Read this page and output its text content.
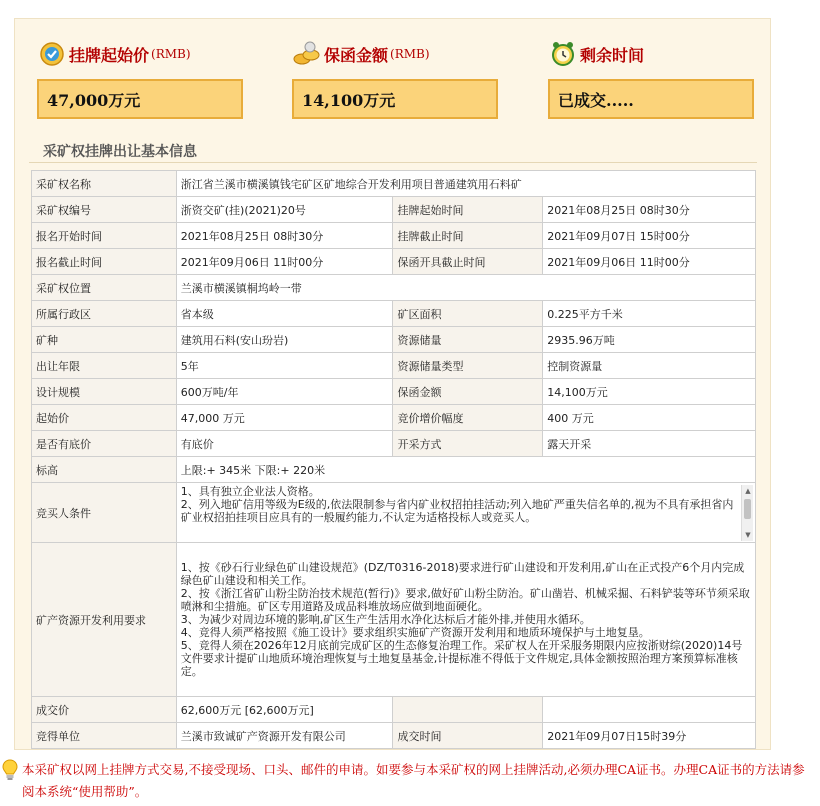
挂牌起始价 (RMB)
47,000万元
保函金额 (RMB)
14,100万元
剩余时间
已成交.....
采矿权挂牌出让基本信息
采矿权名称	浙江省兰溪市横溪镇钱宅矿区矿地综合开发利用项目普通建筑用石料矿		
采矿权编号	浙资交矿(挂)(2021)20号	挂牌起始时间	2021年08月25日 08时30分
报名开始时间	2021年08月25日 08时30分	挂牌截止时间	2021年09月07日 15时00分
报名截止时间	2021年09月06日 11时00分	保函开具截止时间	2021年09月06日 11时00分
采矿权位置	兰溪市横溪镇桐坞岭一带		
所属行政区	省本级	矿区面积	0.225平方千米
矿种	建筑用石料(安山玢岩)	资源储量	2935.96万吨
出让年限	5年	资源储量类型	控制资源量
设计规模	600万吨/年	保函金额	14,100万元
起始价	47,000 万元	竞价增价幅度	400 万元
是否有底价	有底价	开采方式	露天开采
标高	上限:+ 345米 下限:+ 220米		
竞买人条件	1、具有独立企业法人资格。
2、列入地矿信用等级为E级的,依法限制参与省内矿业权招拍挂活动;列入地矿严重失信名单的,视为不具有承担省内矿业权招拍挂项目应具有的一般履约能力,不认定为适格投标人或竞买人。
▲
▼		

矿产资源开发利用要求	1、按《砂石行业绿色矿山建设规范》(DZ/T0316-2018)要求进行矿山建设和开发利用,矿山在正式投产6个月内完成绿色矿山建设和相关工作。
2、按《浙江省矿山粉尘防治技术规范(暂行)》要求,做好矿山粉尘防治。矿山凿岩、机械采掘、石料铲装等环节须采取喷淋和尘措施。矿区专用道路及成品料堆放场应做到地面硬化。
3、为减少对周边环境的影响,矿区生产生活用水净化达标后才能外排,并使用水循环。
4、竞得人须严格按照《施工设计》要求组织实施矿产资源开发利用和地质环境保护与土地复垦。
5、竞得人须在2026年12月底前完成矿区的生态修复治理工作。采矿权人在开采服务期限内应按浙财综(2020)14号文件要求计提矿山地质环境治理恢复与土地复垦基金,计提标准不得低于文件规定,具体金额按照治理方案预算标准核定。		

成交价	62,600万元 [62,600万元]		
竞得单位	兰溪市致诚矿产资源开发有限公司	成交时间	2021年09月07日15时39分
本采矿权以网上挂牌方式交易,不接受现场、口头、邮件的申请。如要参与本采矿权的网上挂牌活动,必须办理CA证书。办理CA证书的方法请参阅本系统“使用帮助”。
